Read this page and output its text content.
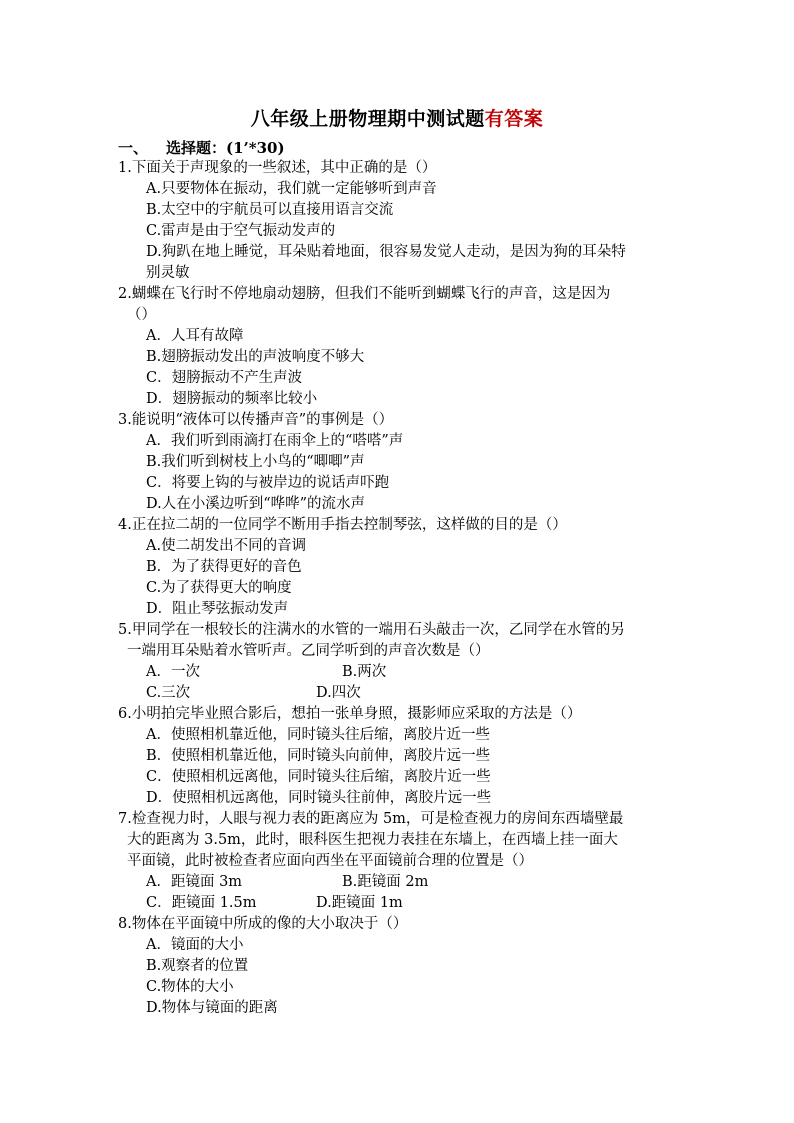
八年级上册物理期中测试题有答案
一、 选择题：(1’*30)
1.下面关于声现象的一些叙述，其中正确的是（）
A.只要物体在振动，我们就一定能够听到声音
B.太空中的宇航员可以直接用语言交流
C.雷声是由于空气振动发声的
D.狗趴在地上睡觉，耳朵贴着地面，很容易发觉人走动，是因为狗的耳朵特
别灵敏
2.蝴蝶在飞行时不停地扇动翅膀，但我们不能听到蝴蝶飞行的声音，这是因为
（）
A．人耳有故障
B.翅膀振动发出的声波响度不够大
C．翅膀振动不产生声波
D．翅膀振动的频率比较小
3.能说明“液体可以传播声音”的事例是（）
A．我们听到雨滴打在雨伞上的“嗒嗒”声
B.我们听到树枝上小鸟的“唧唧”声
C．将要上钩的与被岸边的说话声吓跑
D.人在小溪边听到“哗哗”的流水声
4.正在拉二胡的一位同学不断用手指去控制琴弦，这样做的目的是（）
A.使二胡发出不同的音调
B．为了获得更好的音色
C.为了获得更大的响度
D．阻止琴弦振动发声
5.甲同学在一根较长的注满水的水管的一端用石头敲击一次，乙同学在水管的另
一端用耳朵贴着水管听声。乙同学听到的声音次数是（）
A．一次	B.两次
C.三次	D.四次
6.小明拍完毕业照合影后，想拍一张单身照，摄影师应采取的方法是（）
A．使照相机靠近他，同时镜头往后缩，离胶片近一些
B．使照相机靠近他，同时镜头向前伸，离胶片远一些
C．使照相机远离他，同时镜头往后缩，离胶片近一些
D．使照相机远离他，同时镜头往前伸，离胶片远一些
7.检查视力时，人眼与视力表的距离应为 5m，可是检查视力的房间东西墙壁最
大的距离为 3.5m，此时，眼科医生把视力表挂在东墙上，在西墙上挂一面大
平面镜，此时被检查者应面向西坐在平面镜前合理的位置是（）
A．距镜面 3m	B.距镜面 2m
C．距镜面 1.5m	D.距镜面 1m
8.物体在平面镜中所成的像的大小取决于（）
A．镜面的大小
B.观察者的位置
C.物体的大小
D.物体与镜面的距离
